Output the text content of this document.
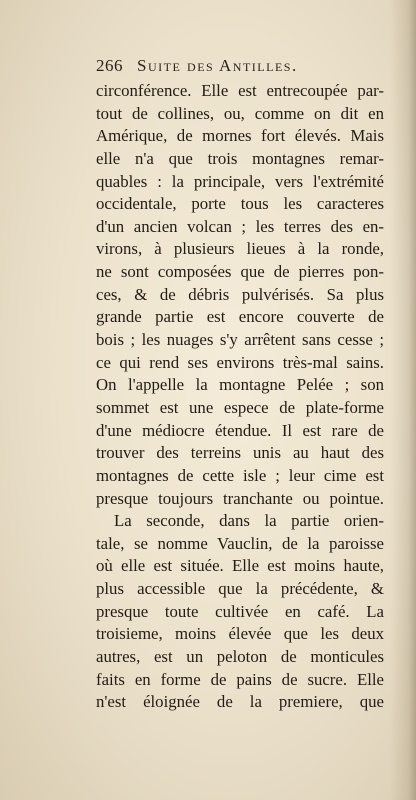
266 Suite des Antilles.
circonférence. Elle est entrecoupée par-
tout de collines, ou, comme on dit en
Amérique, de mornes fort élevés. Mais
elle n'a que trois montagnes remar-
quables : la principale, vers l'extrémité
occidentale, porte tous les caracteres
d'un ancien volcan ; les terres des en-
virons, à plusieurs lieues à la ronde,
ne sont composées que de pierres pon-
ces, & de débris pulvérisés. Sa plus
grande partie est encore couverte de
bois ; les nuages s'y arrêtent sans cesse ;
ce qui rend ses environs très-mal sains.
On l'appelle la montagne Pelée ; son
sommet est une espece de plate-forme
d'une médiocre étendue. Il est rare de
trouver des terreins unis au haut des
montagnes de cette isle ; leur cime est
presque toujours tranchante ou pointue.
La seconde, dans la partie orien-
tale, se nomme Vauclin, de la paroisse
où elle est située. Elle est moins haute,
plus accessible que la précédente, &
presque toute cultivée en café. La
troisieme, moins élevée que les deux
autres, est un peloton de monticules
faits en forme de pains de sucre. Elle
n'est éloignée de la premiere, que
